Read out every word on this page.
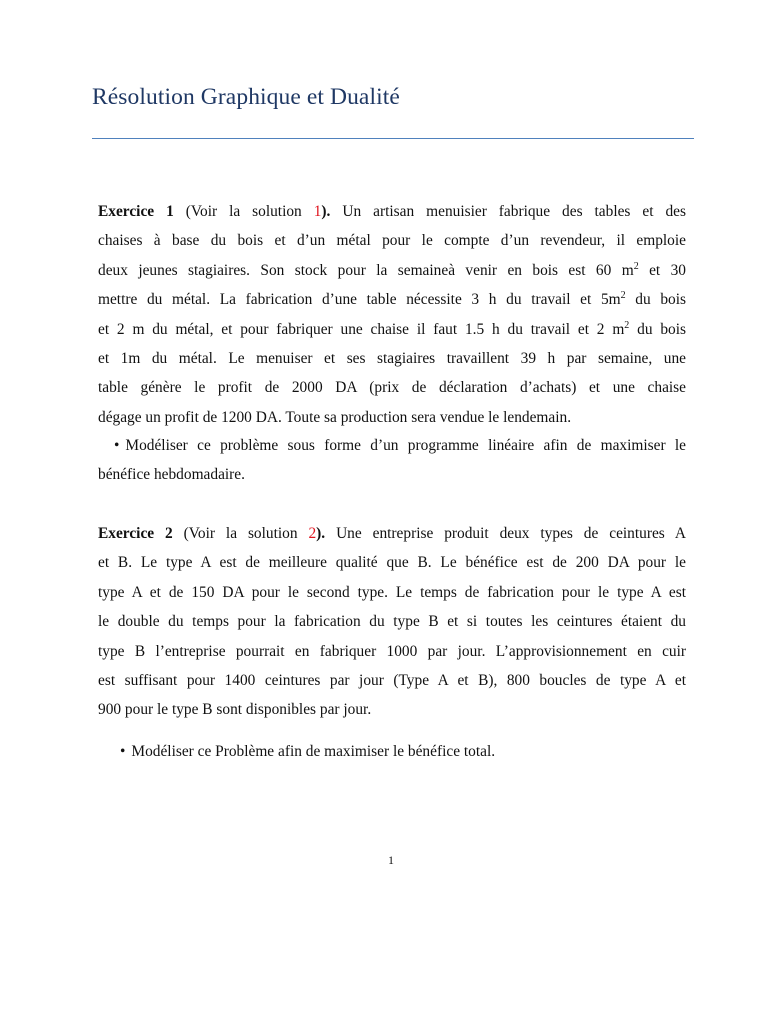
Résolution Graphique et Dualité
Exercice 1 (Voir la solution 1). Un artisan menuisier fabrique des tables et des
chaises à base du bois et d’un métal pour le compte d’un revendeur, il emploie
deux jeunes stagiaires. Son stock pour la semaineà venir en bois est 60 $m^2$ et 30
mettre du métal. La fabrication d’une table nécessite 3 h du travail et $5m^2$ du bois
et 2 m du métal, et pour fabriquer une chaise il faut 1.5 h du travail et 2 $m^2$ du bois
et 1m du métal. Le menuiser et ses stagiaires travaillent 39 h par semaine, une
table génère le profit de 2000 DA (prix de déclaration d’achats) et une chaise
dégage un profit de 1200 DA. Toute sa production sera vendue le lendemain.
• Modéliser ce problème sous forme d’un programme linéaire afin de maximiser le
bénéfice hebdomadaire.
Exercice 2 (Voir la solution 2). Une entreprise produit deux types de ceintures A
et B. Le type A est de meilleure qualité que B. Le bénéfice est de 200 DA pour le
type A et de 150 DA pour le second type. Le temps de fabrication pour le type A est
le double du temps pour la fabrication du type B et si toutes les ceintures étaient du
type B l’entreprise pourrait en fabriquer 1000 par jour. L’approvisionnement en cuir
est suffisant pour 1400 ceintures par jour (Type A et B), 800 boucles de type A et
900 pour le type B sont disponibles par jour.
• Modéliser ce Problème afin de maximiser le bénéfice total.
1
